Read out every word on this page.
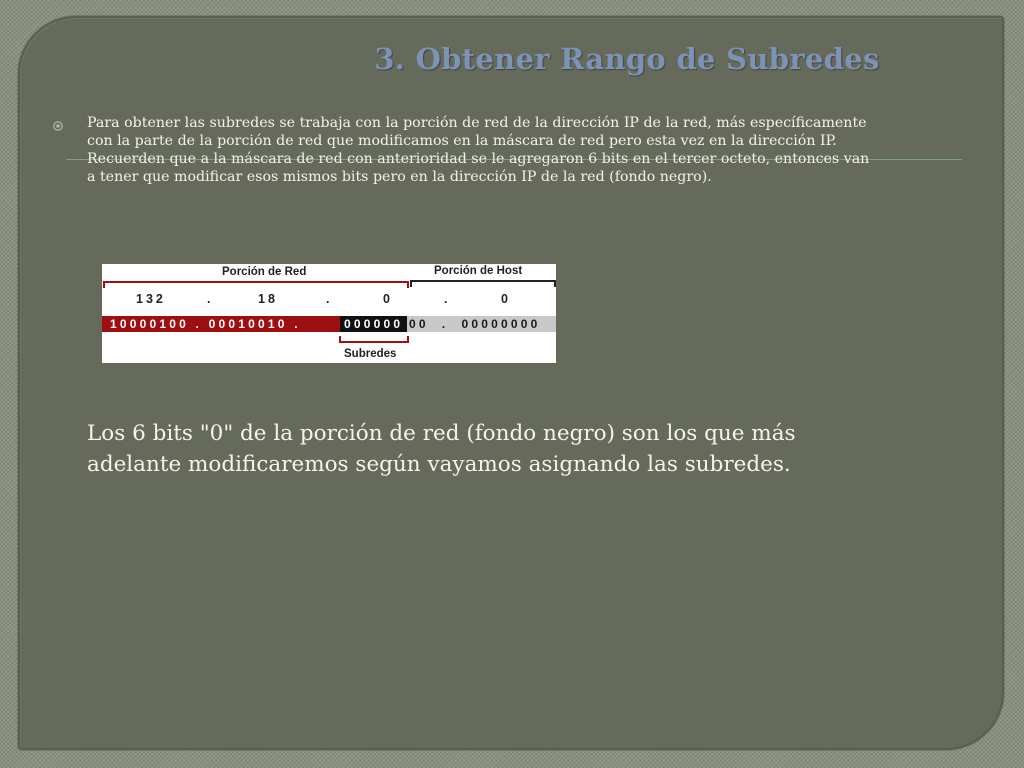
3. Obtener Rango de Subredes

Para obtener las subredes se trabaja con la porción de red de la dirección IP de la red, más específicamente con la parte de la porción de red que modificamos en la máscara de red pero esta vez en la dirección IP. Recuerden que a la máscara de red con anterioridad se le agregaron 6 bits en el tercer octeto, entonces van a tener que modificar esos mismos bits pero en la dirección IP de la red (fondo negro).

Porción de Red	Porción de Host
132	.	18	.	0	.	0
10000100 . 00010010 .	000000 00 . 00000000
Subredes

Los 6 bits "0" de la porción de red (fondo negro) son los que más adelante modificaremos según vayamos asignando las subredes.
